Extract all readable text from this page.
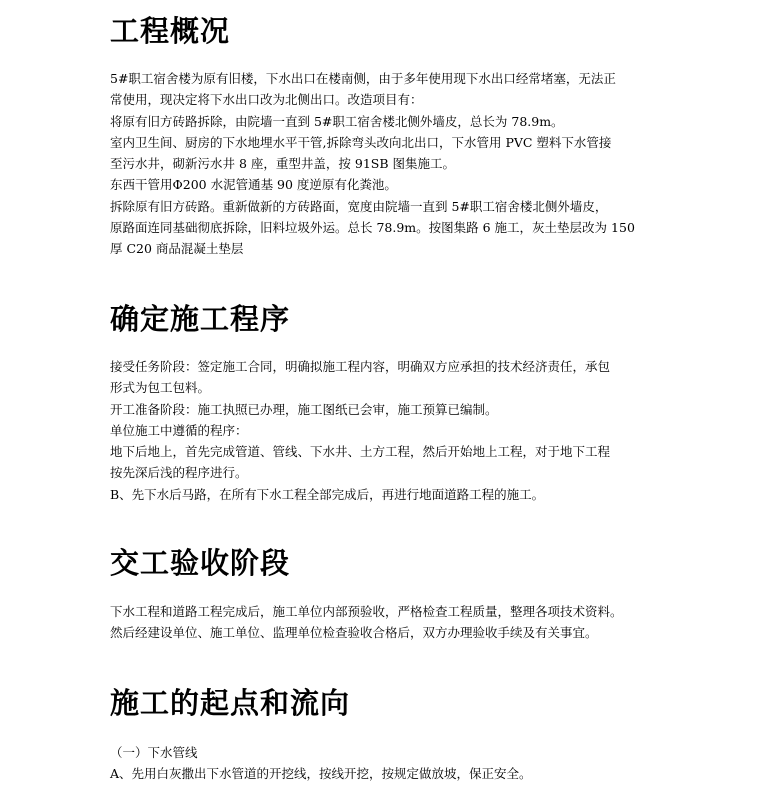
工程概况

5#职工宿舍楼为原有旧楼，下水出口在楼南侧，由于多年使用现下水出口经常堵塞，无法正

常使用，现决定将下水出口改为北侧出口。改造项目有：

将原有旧方砖路拆除，由院墙一直到 5#职工宿舍楼北侧外墙皮，总长为 78.9m。

室内卫生间、厨房的下水地埋水平干管,拆除弯头改向北出口，下水管用 PVC 塑料下水管接

至污水井，砌新污水井 8 座，重型井盖，按 91SB 图集施工。

东西干管用Φ200 水泥管通基 90 度逆原有化粪池。

拆除原有旧方砖路。重新做新的方砖路面，宽度由院墙一直到 5#职工宿舍楼北侧外墙皮，

原路面连同基础彻底拆除，旧料垃圾外运。总长 78.9m。按图集路 6 施工，灰土垫层改为 150

厚 C20 商品混凝土垫层

确定施工程序

接受任务阶段：签定施工合同，明确拟施工程内容，明确双方应承担的技术经济责任，承包

形式为包工包料。

开工准备阶段：施工执照已办理，施工图纸已会审，施工预算已编制。

单位施工中遵循的程序：

地下后地上，首先完成管道、管线、下水井、土方工程，然后开始地上工程，对于地下工程

按先深后浅的程序进行。

B、先下水后马路，在所有下水工程全部完成后，再进行地面道路工程的施工。

交工验收阶段

下水工程和道路工程完成后，施工单位内部预验收，严格检查工程质量，整理各项技术资料。

然后经建设单位、施工单位、监理单位检查验收合格后，双方办理验收手续及有关事宜。

施工的起点和流向

（一）下水管线

A、先用白灰撒出下水管道的开挖线，按线开挖，按规定做放坡，保正安全。
